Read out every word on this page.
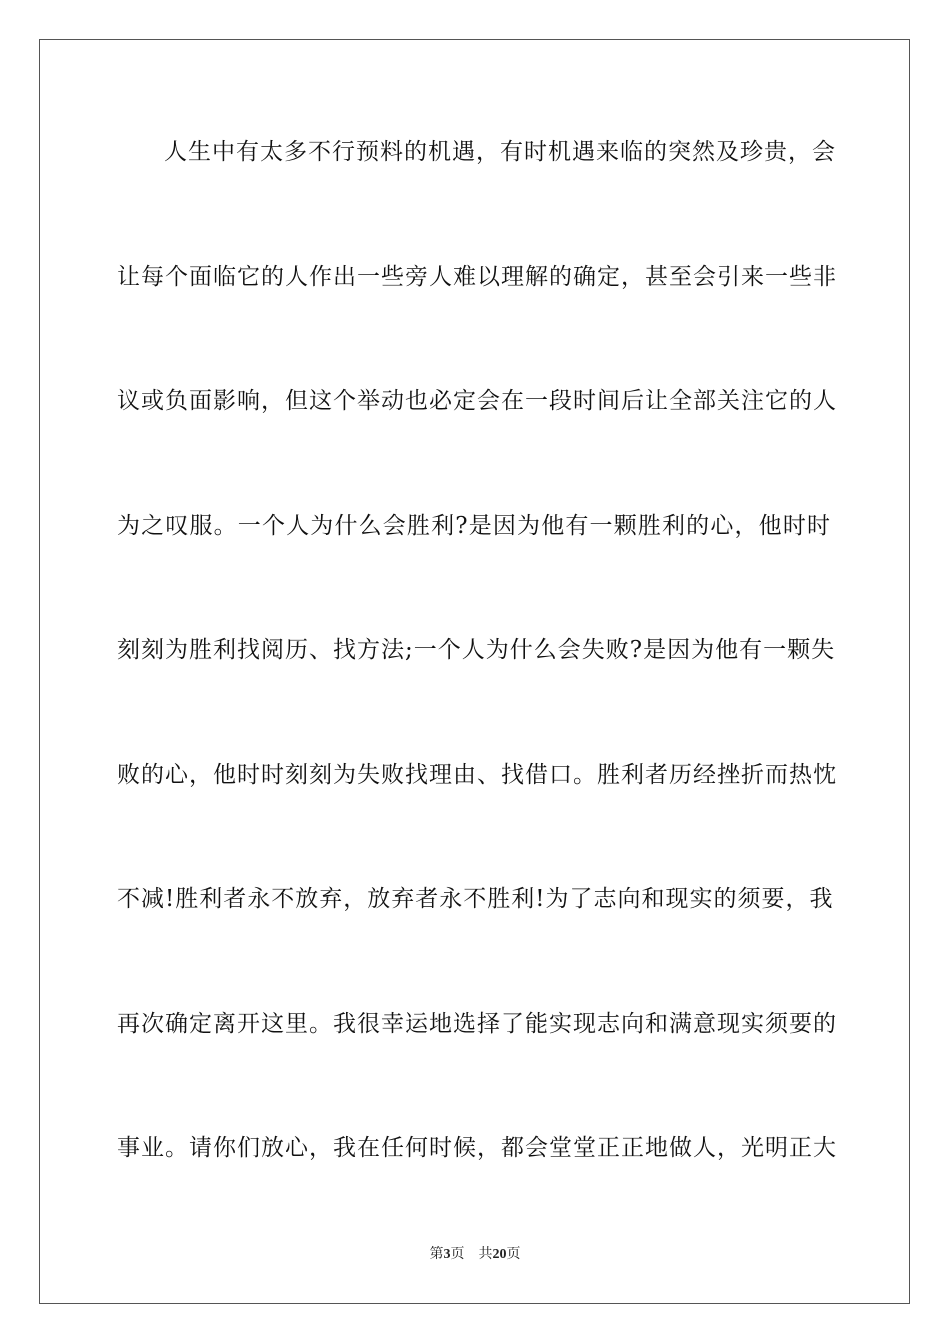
人生中有太多不行预料的机遇，有时机遇来临的突然及珍贵，会
让每个面临它的人作出一些旁人难以理解的确定，甚至会引来一些非
议或负面影响，但这个举动也必定会在一段时间后让全部关注它的人
为之叹服。一个人为什么会胜利?是因为他有一颗胜利的心，他时时
刻刻为胜利找阅历、找方法;一个人为什么会失败?是因为他有一颗失
败的心，他时时刻刻为失败找理由、找借口。胜利者历经挫折而热忱
不减!胜利者永不放弃，放弃者永不胜利!为了志向和现实的须要，我
再次确定离开这里。我很幸运地选择了能实现志向和满意现实须要的
事业。请你们放心，我在任何时候，都会堂堂正正地做人，光明正大
第3页 共20页
